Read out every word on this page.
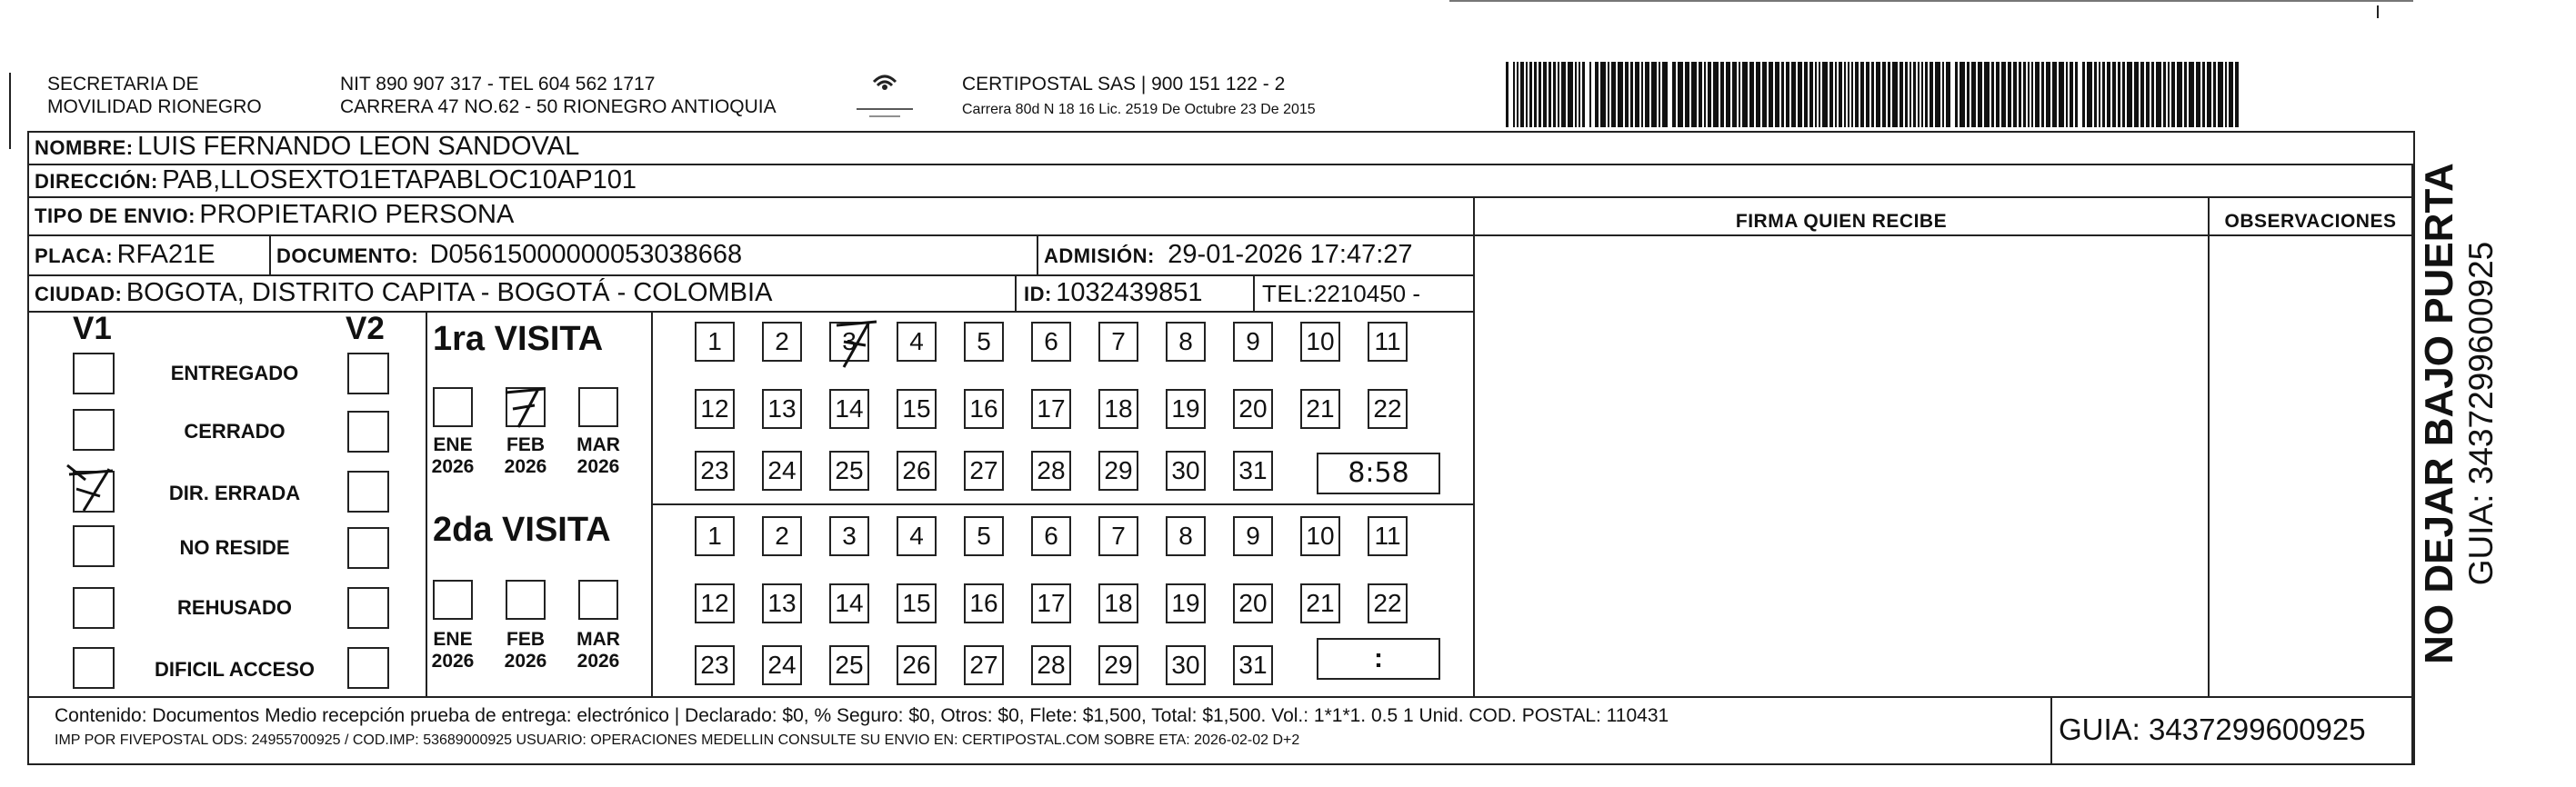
SECRETARIA DE
MOVILIDAD RIONEGRO
NIT 890 907 317 - TEL 604 562 1717
CARRERA 47 NO.62 - 50 RIONEGRO ANTIOQUIA
CERTIPOSTAL SAS | 900 151 122 - 2
Carrera 80d N 18 16 Lic. 2519 De Octubre 23 De 2015
NOMBRE: LUIS FERNANDO LEON SANDOVAL
DIRECCIÓN: PAB,LLOSEXTO1ETAPABLOC10AP101
TIPO DE ENVIO: PROPIETARIO PERSONA	FIRMA QUIEN RECIBE	OBSERVACIONES
PLACA: RFA21E	DOCUMENTO: D05615000000053038668	ADMISIÓN: 29-01-2026 17:47:27
CIUDAD: BOGOTA, DISTRITO CAPITA - BOGOTÁ - COLOMBIA	ID: 1032439851	TEL:2210450 -
V1	V2
ENTREGADO
CERRADO
DIR. ERRADA
NO RESIDE
REHUSADO
DIFICIL ACCESO
1ra VISITA
ENE
2026
FEB
2026
MAR
2026
1	2	3	4	5	6	7	8	9	10 11
12 13 14 15 16 17 18 19 20 21 22
23 24 25 26 27 28 29 30 31	8:58
2da VISITA
ENE
2026
FEB
2026
MAR
2026
1	2	3	4	5	6	7	8	9	10 11
12 13 14 15 16 17 18 19 20 21 22
23 24 25 26 27 28 29 30 31	:
Contenido: Documentos Medio recepción prueba de entrega: electrónico | Declarado: $0, % Seguro: $0, Otros: $0, Flete: $1,500, Total: $1,500. Vol.: 1*1*1. 0.5 1 Unid. COD. POSTAL: 110431
IMP POR FIVEPOSTAL ODS: 24955700925 / COD.IMP: 53689000925 USUARIO: OPERACIONES MEDELLIN CONSULTE SU ENVIO EN: CERTIPOSTAL.COM SOBRE ETA: 2026-02-02 D+2	GUIA: 3437299600925
NO DEJAR BAJO PUERTA GUIA: 3437299600925
